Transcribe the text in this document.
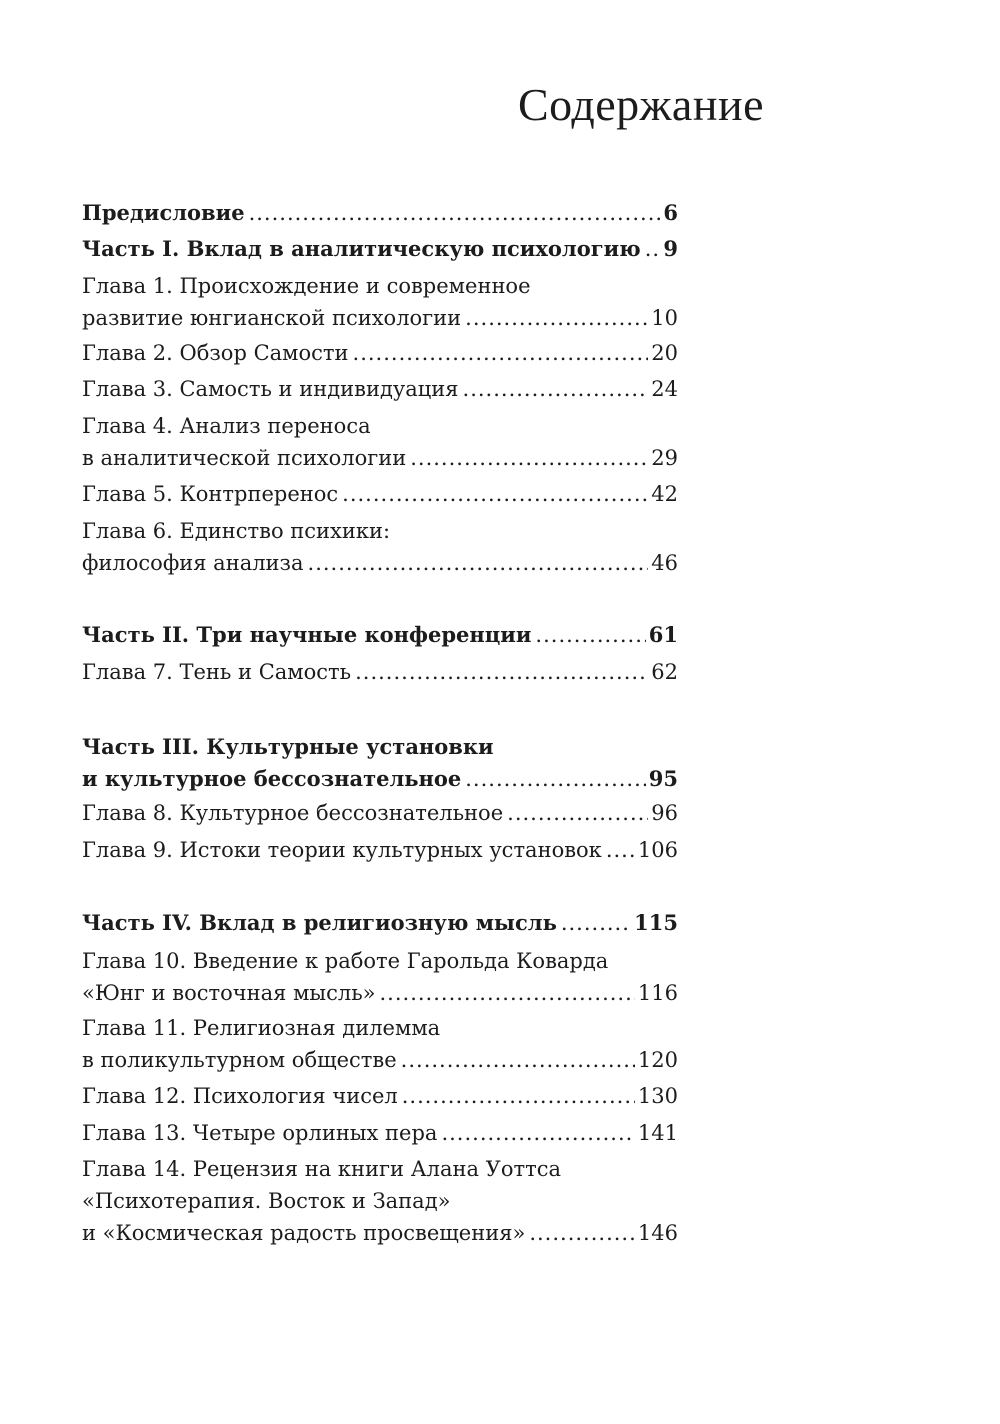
Содержание
Предисловие .....	6
Часть I. Вклад в аналитическую психологию ..... 9
Глава 1. Происхождение и современное
развитие юнгианской психологии .....	10
Глава 2. Обзор Самости .....	20
Глава 3. Самость и индивидуация .....	24
Глава 4. Анализ переноса
в аналитической психологии .....	29
Глава 5. Контрперенос .....	42
Глава 6. Единство психики:
философия анализа .....	46
Часть II. Три научные конференции .....	61
Глава 7. Тень и Самость .....	62
Часть III. Культурные установки
и культурное бессознательное .....	95
Глава 8. Культурное бессознательное .....	96
Глава 9. Истоки теории культурных установок ..... 106
Часть IV. Вклад в религиозную мысль .....	115
Глава 10. Введение к работе Гарольда Коварда
«Юнг и восточная мысль» .....	116
Глава 11. Религиозная дилемма
в поликультурном обществе .....	120
Глава 12. Психология чисел .....	130
Глава 13. Четыре орлиных пера .....	141
Глава 14. Рецензия на книги Алана Уоттса
«Психотерапия. Восток и Запад»
и «Космическая радость просвещения» .....	146
